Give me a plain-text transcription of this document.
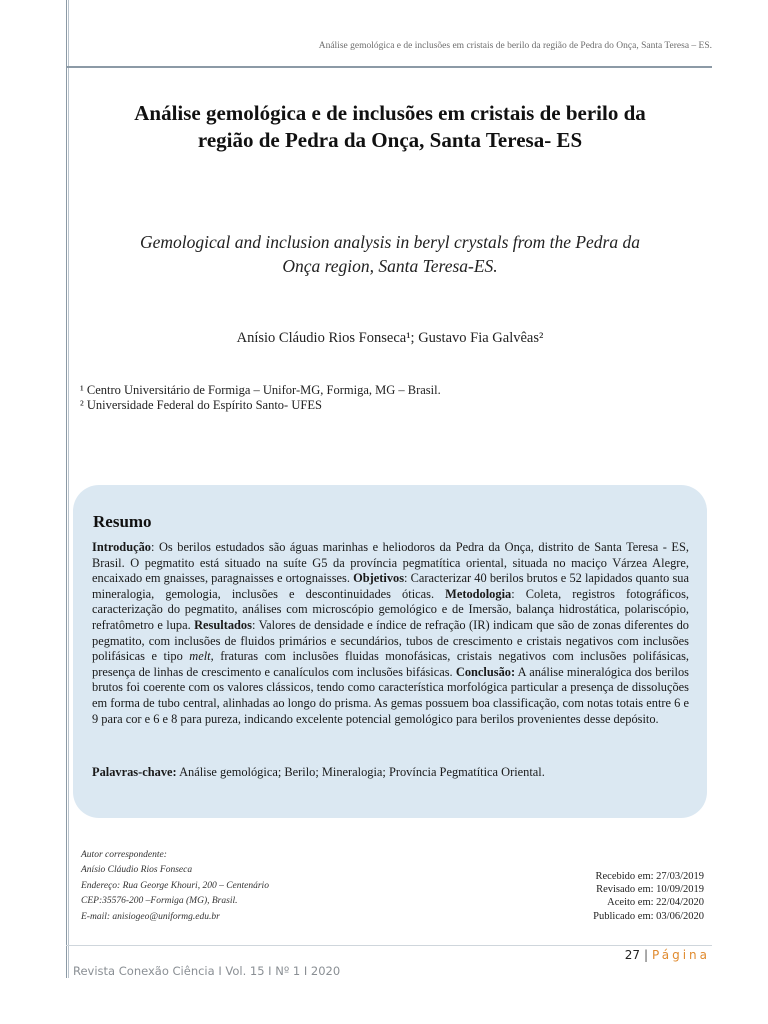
Análise gemológica e de inclusões em cristais de berilo da região de Pedra do Onça, Santa Teresa – ES.
Análise gemológica e de inclusões em cristais de berilo da
região de Pedra da Onça, Santa Teresa- ES
Gemological and inclusion analysis in beryl crystals from the Pedra da
Onça region, Santa Teresa-ES.
Anísio Cláudio Rios Fonseca¹; Gustavo Fia Galvêas²
¹ Centro Universitário de Formiga – Unifor-MG, Formiga, MG – Brasil.
² Universidade Federal do Espírito Santo- UFES
Resumo
Introdução: Os berilos estudados são águas marinhas e heliodoros da Pedra da Onça, distrito de Santa Teresa - ES, Brasil. O pegmatito está situado na suíte G5 da província pegmatítica oriental, situada no maciço Várzea Alegre, encaixado em gnaisses, paragnaisses e ortognaisses. Objetivos: Caracterizar 40 berilos brutos e 52 lapidados quanto sua mineralogia, gemologia, inclusões e descontinuidades óticas. Metodologia: Coleta, registros fotográficos, caracterização do pegmatito, análises com microscópio gemológico e de Imersão, balança hidrostática, polariscópio, refratômetro e lupa. Resultados: Valores de densidade e índice de refração (IR) indicam que são de zonas diferentes do pegmatito, com inclusões de fluidos primários e secundários, tubos de crescimento e cristais negativos com inclusões polifásicas e tipo melt, fraturas com inclusões fluidas monofásicas, cristais negativos com inclusões polifásicas, presença de linhas de crescimento e canalículos com inclusões bifásicas. Conclusão: A análise mineralógica dos berilos brutos foi coerente com os valores clássicos, tendo como característica morfológica particular a presença de dissoluções em forma de tubo central, alinhadas ao longo do prisma. As gemas possuem boa classificação, com notas totais entre 6 e 9 para cor e 6 e 8 para pureza, indicando excelente potencial gemológico para berilos provenientes desse depósito.
Palavras-chave: Análise gemológica; Berilo; Mineralogia; Província Pegmatítica Oriental.
Autor correspondente:
Anísio Cláudio Rios Fonseca
Endereço: Rua George Khouri, 200 – Centenário
CEP:35576-200 –Formiga (MG), Brasil.
E-mail: anisiogeo@uniformg.edu.br
Recebido em: 27/03/2019
Revisado em: 10/09/2019
Aceito em: 22/04/2020
Publicado em: 03/06/2020
27 | Página
Revista Conexão Ciência I Vol. 15 I Nº 1 I 2020
